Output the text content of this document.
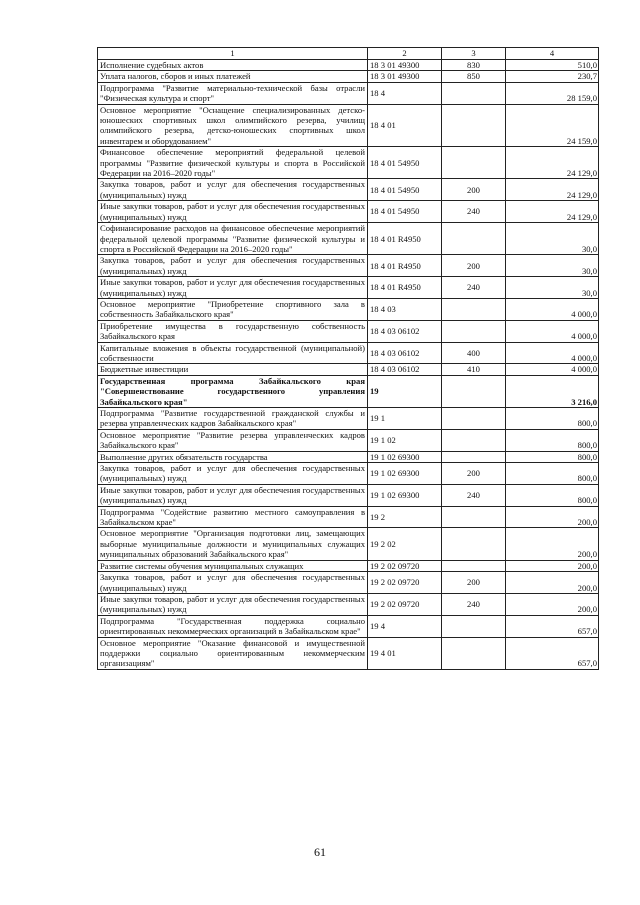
1	2	3	4
Исполнение судебных актов	18 3 01 49300	830	510,0
Уплата налогов, сборов и иных платежей	18 3 01 49300	850	230,7
Подпрограмма "Развитие материально-технической базы отрасли "Физическая культура и спорт"	18 4		28 159,0
Основное мероприятие "Оснащение специализированных детско-юношеских спортивных школ олимпийского резерва, училищ олимпийского резерва, детско-юношеских спортивных школ инвентарем и оборудованием"	18 4 01		24 159,0
Финансовое обеспечение мероприятий федеральной целевой программы "Развитие физической культуры и спорта в Российской Федерации на 2016–2020 годы"	18 4 01 54950		24 129,0
Закупка товаров, работ и услуг для обеспечения государственных (муниципальных) нужд	18 4 01 54950	200	24 129,0
Иные закупки товаров, работ и услуг для обеспечения государственных (муниципальных) нужд	18 4 01 54950	240	24 129,0
Софинансирование расходов на финансовое обеспечение мероприятий федеральной целевой программы "Развитие физической культуры и спорта в Российской Федерации на 2016–2020 годы"	18 4 01 R4950		30,0
Закупка товаров, работ и услуг для обеспечения государственных (муниципальных) нужд	18 4 01 R4950	200	30,0
Иные закупки товаров, работ и услуг для обеспечения государственных (муниципальных) нужд	18 4 01 R4950	240	30,0
Основное мероприятие "Приобретение спортивного зала в собственность Забайкальского края"	18 4 03		4 000,0
Приобретение имущества в государственную собственность Забайкальского края	18 4 03 06102		4 000,0
Капитальные вложения в объекты государственной (муниципальной) собственности	18 4 03 06102	400	4 000,0
Бюджетные инвестиции	18 4 03 06102	410	4 000,0
Государственная программа Забайкальского края "Совершенствование государственного управления Забайкальского края"	19		3 216,0
Подпрограмма "Развитие государственной гражданской службы и резерва управленческих кадров Забайкальского края"	19 1		800,0
Основное мероприятие "Развитие резерва управленческих кадров Забайкальского края"	19 1 02		800,0
Выполнение других обязательств государства	19 1 02 69300		800,0
Закупка товаров, работ и услуг для обеспечения государственных (муниципальных) нужд	19 1 02 69300	200	800,0
Иные закупки товаров, работ и услуг для обеспечения государственных (муниципальных) нужд	19 1 02 69300	240	800,0
Подпрограмма "Содействие развитию местного самоуправления в Забайкальском крае"	19 2		200,0
Основное мероприятие "Организация подготовки лиц, замещающих выборные муниципальные должности и муниципальных служащих муниципальных образований Забайкальского края"	19 2 02		200,0
Развитие системы обучения муниципальных служащих	19 2 02 09720		200,0
Закупка товаров, работ и услуг для обеспечения государственных (муниципальных) нужд	19 2 02 09720	200	200,0
Иные закупки товаров, работ и услуг для обеспечения государственных (муниципальных) нужд	19 2 02 09720	240	200,0
Подпрограмма "Государственная поддержка социально ориентированных некоммерческих организаций в Забайкальском крае"	19 4		657,0
Основное мероприятие "Оказание финансовой и имущественной поддержки социально ориентированным некоммерческим организациям"	19 4 01		657,0
61
